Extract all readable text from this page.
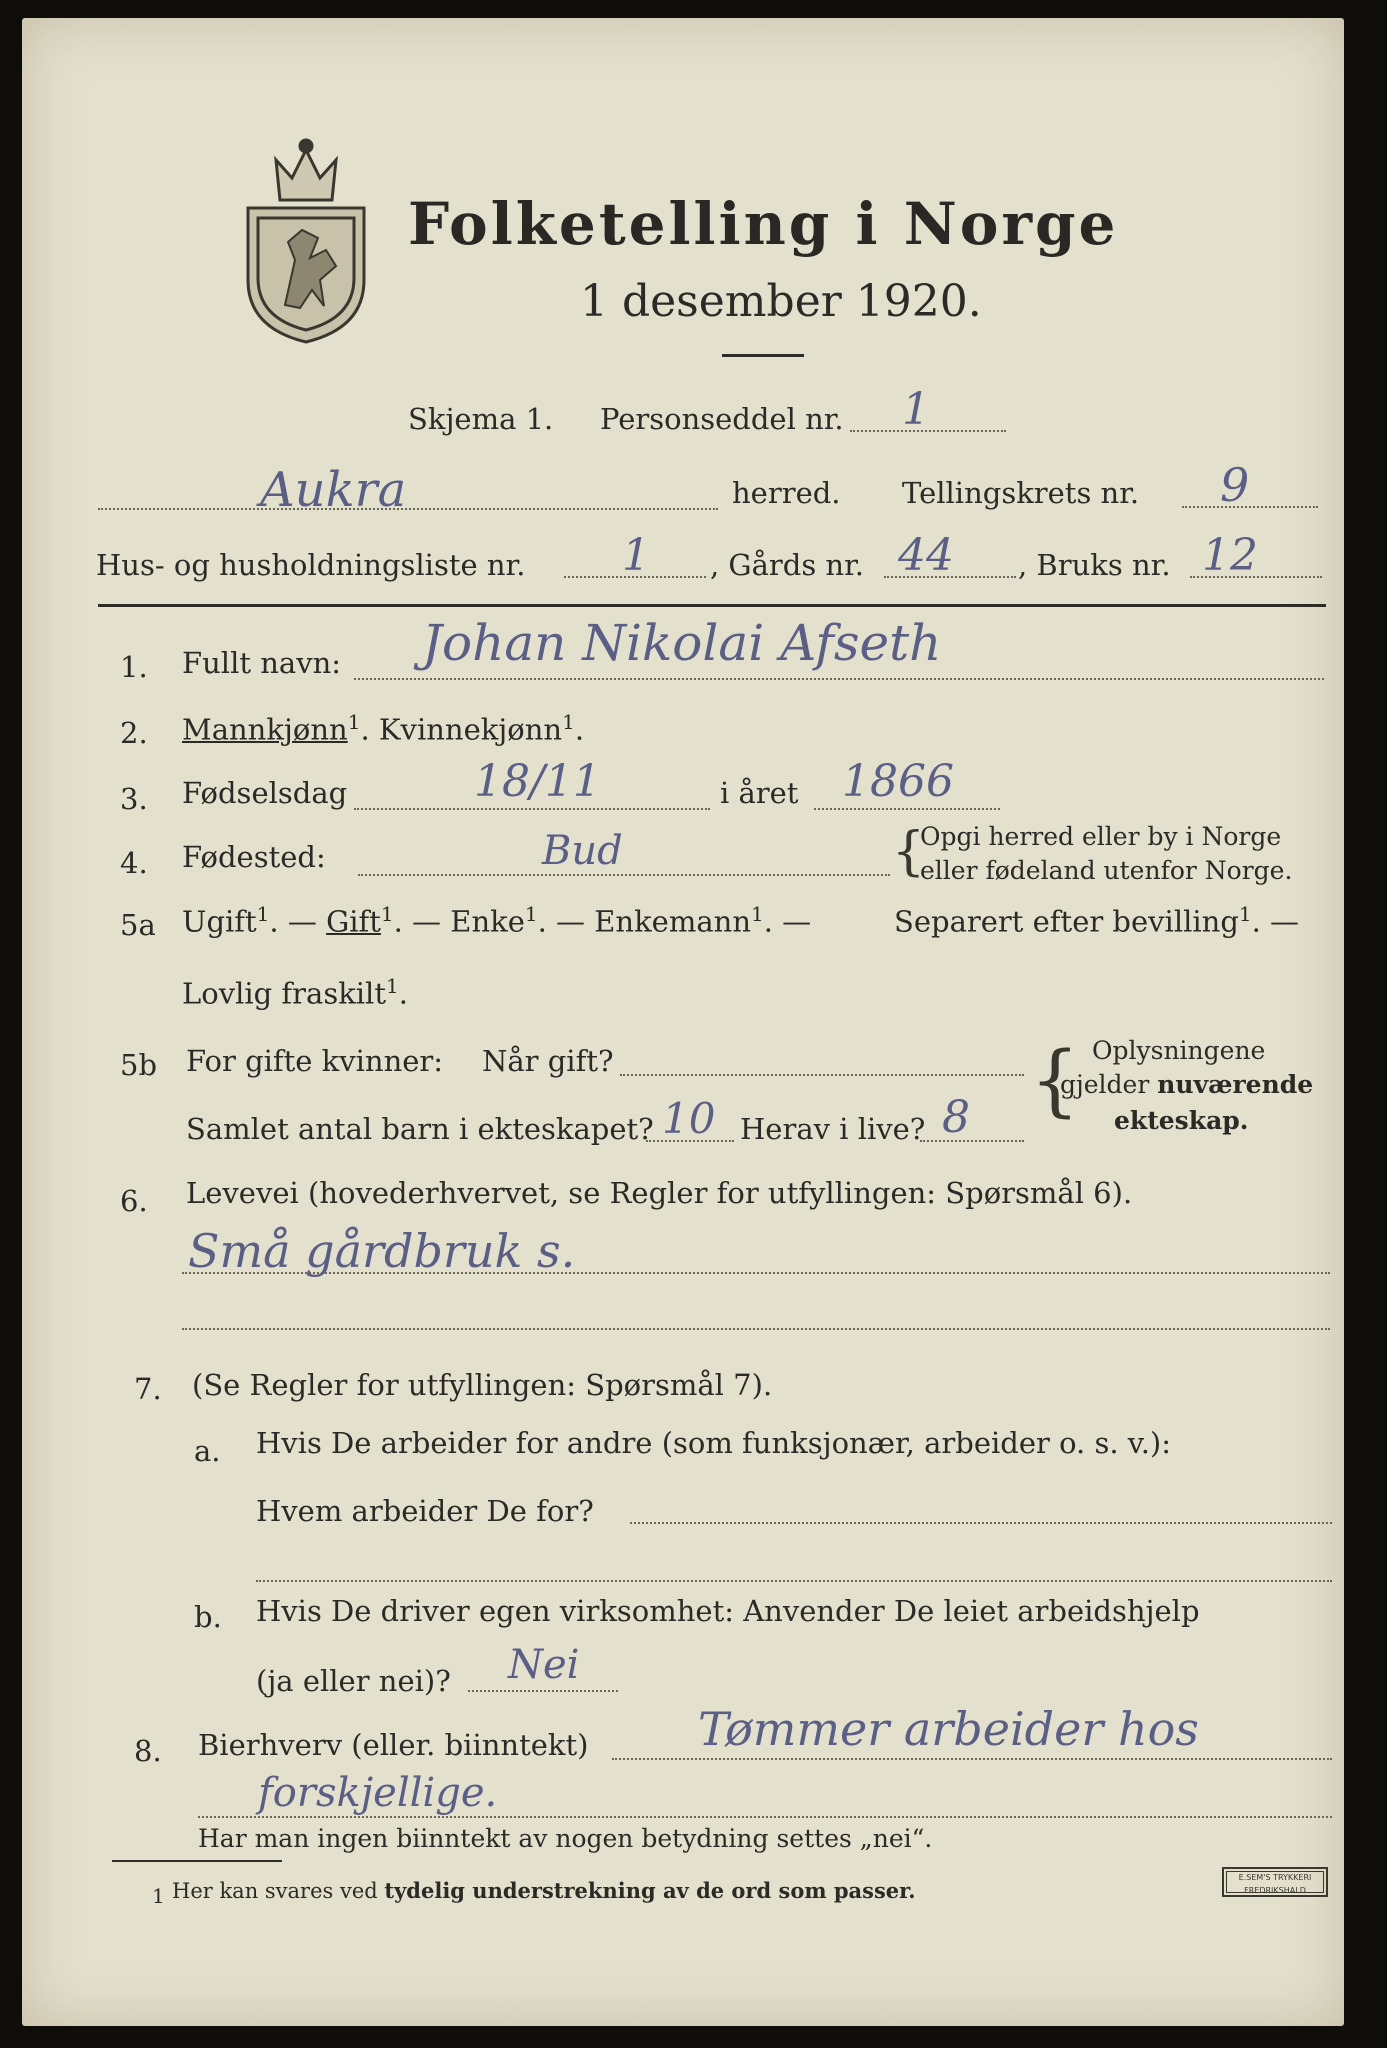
Folketelling i Norge
1 desember 1920.
Skjema 1. Personseddel nr. 1
Aukra	herred. Tellingskrets nr. 9
Hus- og husholdningsliste nr. 1 , Gårds nr. 44 , Bruks nr. 12
1. Fullt navn: Johan Nikolai Afseth
2. Mannkjønn$^1$. Kvinnekjønn$^1$.
3. Fødselsdag	18/11	i året 1866
4. Fødested:	Bud	{
Opgi herred eller by i Norge
eller fødeland utenfor Norge.
5a Ugift$^1$. — Gift$^1$. — Enke$^1$. — Enkemann$^1$. —	Separert efter bevilling$^1$. —
Lovlig fraskilt$^1$.
5b For gifte kvinner: Når gift?
Samlet antal barn i ekteskapet? 10 Herav i live? 8 { Oplysningene
gjelder nuværende
ekteskap.
6. Levevei (hovederhvervet, se Regler for utfyllingen: Spørsmål 6).
Små gårdbruk s.
7. (Se Regler for utfyllingen: Spørsmål 7).
a. Hvis De arbeider for andre (som funksjonær, arbeider o. s. v.):
Hvem arbeider De for?
b. Hvis De driver egen virksomhet: Anvender De leiet arbeidshjelp
(ja eller nei)? Nei
8. Bierhverv (eller. biinntekt) Tømmer arbeider hos
forskjellige.
Har man ingen biinntekt av nogen betydning settes „nei“.
1 Her kan svares ved tydelig understrekning av de ord som passer.
E.SEM'S TRYKKERI
FREDRIKSHALD
